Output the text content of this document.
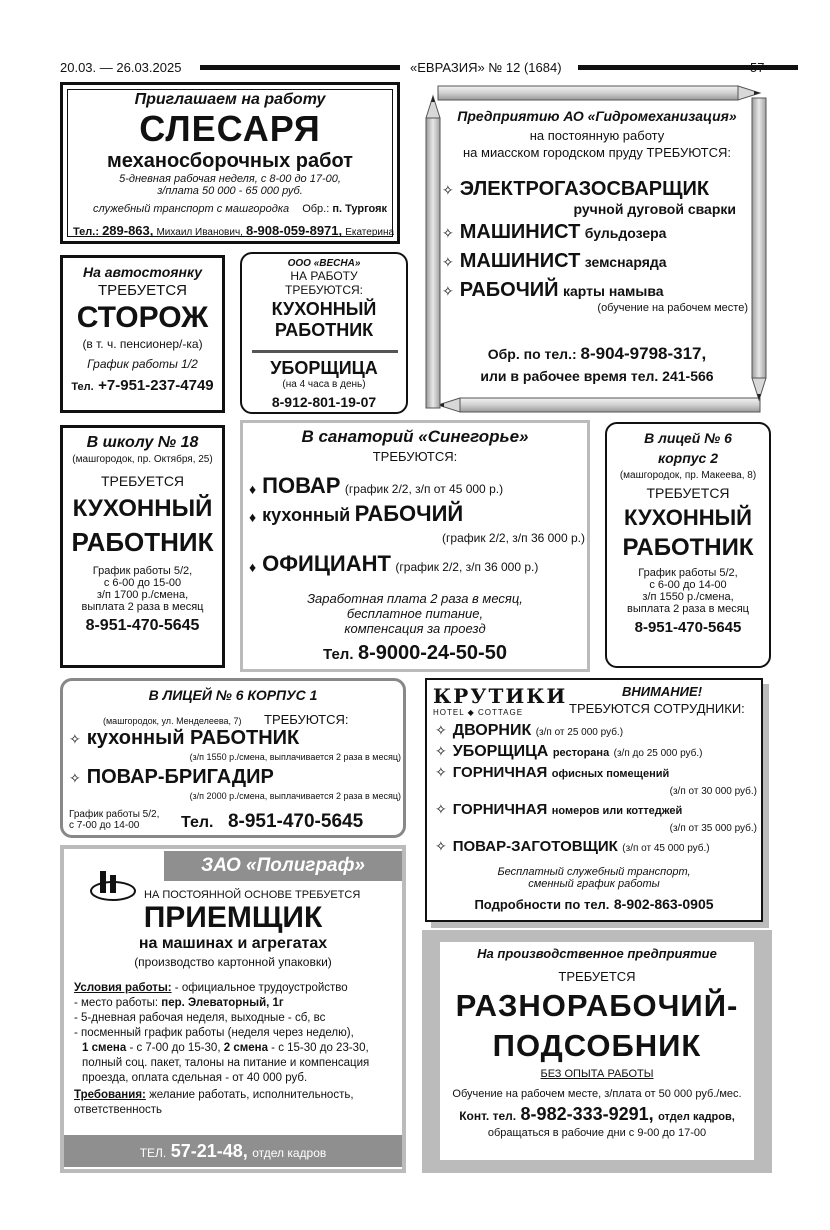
20.03. — 26.03.2025	«ЕВРАЗИЯ» № 12 (1684)	57
Приглашаем на работу
СЛЕСАРЯ
механосборочных работ
5-дневная рабочая неделя, с 8-00 до 17-00,
з/плата 50 000 - 65 000 руб.
служебный транспорт с машгородка Обр.: п. Тургояк
Тел.: 289-863, Михаил Иванович, 8-908-059-8971, Екатерина
Предприятию АО «Гидромеханизация»
на постоянную работу
на миасском городском пруду ТРЕБУЮТСЯ:
✧ ЭЛЕКТРОГАЗОСВАРЩИК
ручной дуговой сварки
✧ МАШИНИСТ бульдозера
✧ МАШИНИСТ земснаряда
✧ РАБОЧИЙ карты намыва
(обучение на рабочем месте)
Обр. по тел.: 8-904-9798-317,
или в рабочее время тел. 241-566
На автостоянку
ТРЕБУЕТСЯ
СТОРОЖ
(в т. ч. пенсионер/-ка)
График работы 1/2
Тел. +7-951-237-4749
ООО «ВЕСНА»
НА РАБОТУ
ТРЕБУЮТСЯ:
КУХОННЫЙ
РАБОТНИК
УБОРЩИЦА
(на 4 часа в день)
8-912-801-19-07
В школу № 18
(машгородок, пр. Октября, 25)
ТРЕБУЕТСЯ
КУХОННЫЙ
РАБОТНИК
График работы 5/2,
с 6-00 до 15-00
з/п 1700 р./смена,
выплата 2 раза в месяц
8-951-470-5645
В санаторий «Синегорье»
ТРЕБУЮТСЯ:
♦ ПОВАР (график 2/2, з/п от 45 000 р.)
♦ кухонный РАБОЧИЙ
(график 2/2, з/п 36 000 р.)
♦ ОФИЦИАНТ (график 2/2, з/п 36 000 р.)
Заработная плата 2 раза в месяц,
бесплатное питание,
компенсация за проезд
Тел. 8-9000-24-50-50
В лицей № 6
корпус 2
(машгородок, пр. Макеева, 8)
ТРЕБУЕТСЯ
КУХОННЫЙ
РАБОТНИК
График работы 5/2,
с 6-00 до 14-00
з/п 1550 р./смена,
выплата 2 раза в месяц
8-951-470-5645
В ЛИЦЕЙ № 6 КОРПУС 1
(машгородок, ул. Менделеева, 7) ТРЕБУЮТСЯ:
✧ кухонный РАБОТНИК
(з/п 1550 р./смена, выплачивается 2 раза в месяц)
✧ ПОВАР-БРИГАДИР
(з/п 2000 р./смена, выплачивается 2 раза в месяц)
График работы 5/2,
с 7-00 до 14-00	Тел. 8-951-470-5645
КРУТИКИ
HOTEL ◆ COTTAGE
ВНИМАНИЕ!
ТРЕБУЮТСЯ СОТРУДНИКИ:
✧ ДВОРНИК (з/п от 25 000 руб.)
✧ УБОРЩИЦА ресторана (з/п до 25 000 руб.)
✧ ГОРНИЧНАЯ офисных помещений
(з/п от 30 000 руб.)
✧ ГОРНИЧНАЯ номеров или коттеджей
(з/п от 35 000 руб.)
✧ ПОВАР-ЗАГОТОВЩИК (з/п от 45 000 руб.)
Бесплатный служебный транспорт,
сменный график работы
Подробности по тел. 8-902-863-0905
ЗАО «Полиграф»
НА ПОСТОЯННОЙ ОСНОВЕ ТРЕБУЕТСЯ
ПРИЕМЩИК
на машинах и агрегатах
(производство картонной упаковки)
Условия работы: - официальное трудоустройство
- место работы: пер. Элеваторный, 1г
- 5-дневная рабочая неделя, выходные - сб, вс
- посменный график работы (неделя через неделю),
1 смена - с 7-00 до 15-30, 2 смена - с 15-30 до 23-30,
полный соц. пакет, талоны на питание и компенсация
проезда, оплата сдельная - от 40 000 руб.
Требования: желание работать, исполнительность,
ответственность
ТЕЛ. 57-21-48, отдел кадров
На производственное предприятие
ТРЕБУЕТСЯ
РАЗНОРАБОЧИЙ-
ПОДСОБНИК
БЕЗ ОПЫТА РАБОТЫ
Обучение на рабочем месте, з/плата от 50 000 руб./мес.
Конт. тел. 8-982-333-9291, отдел кадров,
обращаться в рабочие дни с 9-00 до 17-00
